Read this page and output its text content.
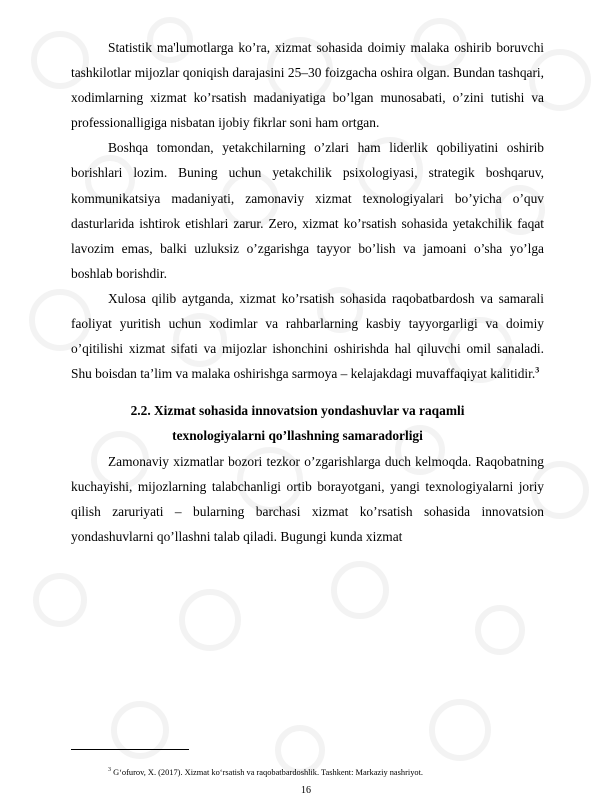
Statistik ma'lumotlarga ko’ra, xizmat sohasida doimiy malaka oshirib boruvchi tashkilotlar mijozlar qoniqish darajasini 25–30 foizgacha oshira olgan. Bundan tashqari, xodimlarning xizmat ko’rsatish madaniyatiga bo’lgan munosabati, o’zini tutishi va professionalligiga nisbatan ijobiy fikrlar soni ham ortgan.

Boshqa tomondan, yetakchilarning o’zlari ham liderlik qobiliyatini oshirib borishlari lozim. Buning uchun yetakchilik psixologiyasi, strategik boshqaruv, kommunikatsiya madaniyati, zamonaviy xizmat texnologiyalari bo’yicha o’quv dasturlarida ishtirok etishlari zarur. Zero, xizmat ko’rsatish sohasida yetakchilik faqat lavozim emas, balki uzluksiz o’zgarishga tayyor bo’lish va jamoani o’sha yo’lga boshlab borishdir.

Xulosa qilib aytganda, xizmat ko’rsatish sohasida raqobatbardosh va samarali faoliyat yuritish uchun xodimlar va rahbarlarning kasbiy tayyorgarligi va doimiy o’qitilishi xizmat sifati va mijozlar ishonchini oshirishda hal qiluvchi omil sanaladi. Shu boisdan ta’lim va malaka oshirishga sarmoya – kelajakdagi muvaffaqiyat kalitidir.$^3$

2.2. Xizmat sohasida innovatsion yondashuvlar va raqamli
texnologiyalarni qo’llashning samaradorligi

Zamonaviy xizmatlar bozori tezkor o’zgarishlarga duch kelmoqda. Raqobatning kuchayishi, mijozlarning talabchanligi ortib borayotgani, yangi texnologiyalarni joriy qilish zaruriyati – bularning barchasi xizmat ko’rsatish sohasida innovatsion yondashuvlarni qo’llashni talab qiladi. Bugungi kunda xizmat

$^3$ G‘ofurov, X. (2017). Xizmat ko‘rsatish va raqobatbardoshlik. Tashkent: Markaziy nashriyot.
16
